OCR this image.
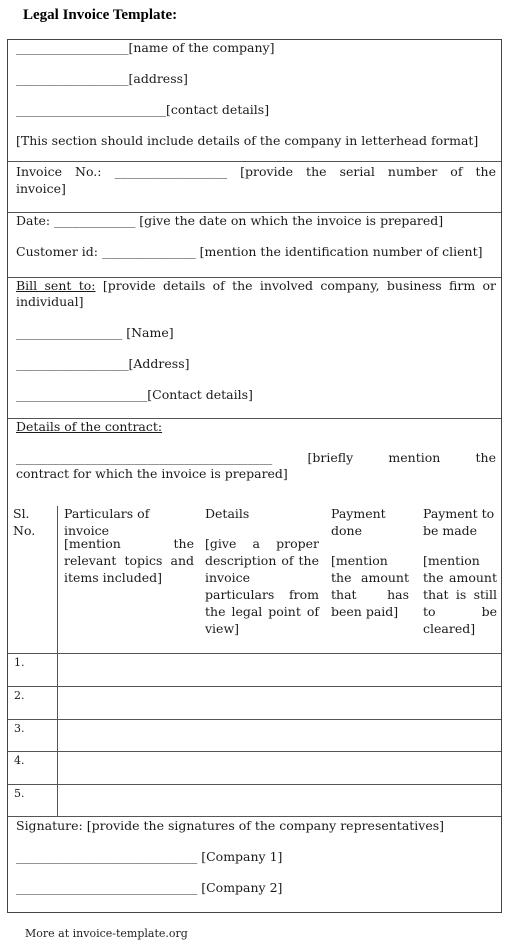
Legal Invoice Template:
__________________[name of the company]
__________________[address]
________________________[contact details]
[This section should include details of the company in letterhead format]
Invoice No.: __________________ [provide the serial number of the
invoice]
Date: _____________ [give the date on which the invoice is prepared]
Customer id: _______________ [mention the identification number of client]
Bill sent to: [provide details of the involved company, business firm or
individual]
_________________ [Name]
__________________[Address]
_____________________[Contact details]
Details of the contract:
_________________________________________	[briefly mention the
contract for which the invoice is prepared]
Sl. No.
Particulars of invoice
Details	Payment done
Payment to be made
[mention the relevant topics and items included]
[give a proper description of the invoice particulars from the legal point of view]
[mention the amount that has been paid]
[mention the amount that is still to be cleared]
1.
2.
3.
4.
5.
Signature: [provide the signatures of the company representatives]
_____________________________ [Company 1]
_____________________________ [Company 2]
More at invoice-template.org
